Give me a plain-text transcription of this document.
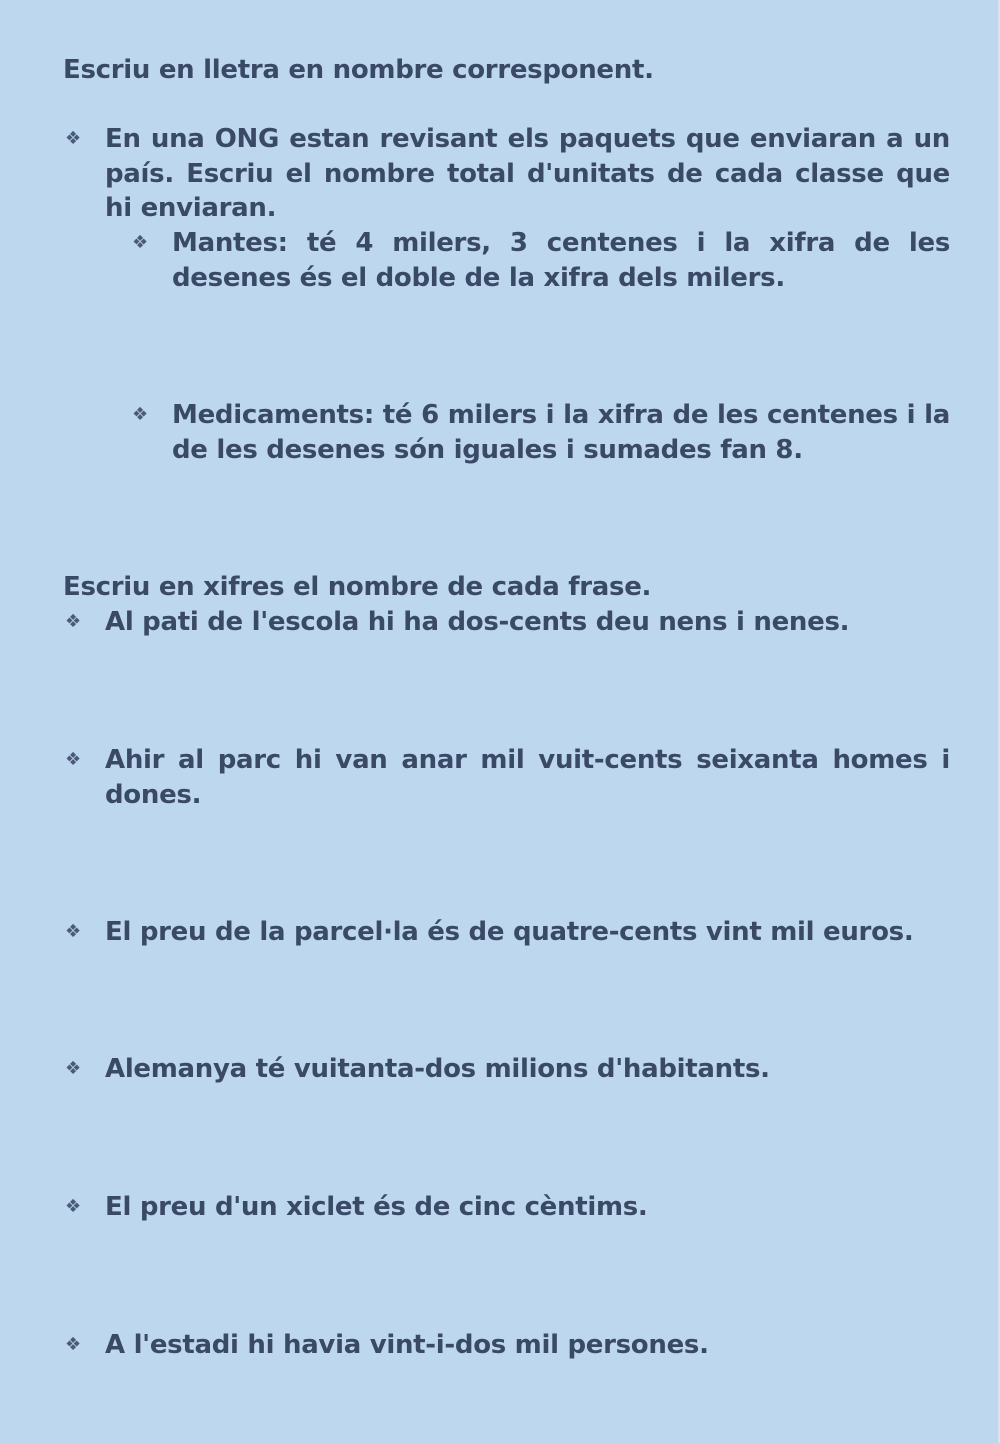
Escriu en lletra en nombre corresponent.
❖ En una ONG estan revisant els paquets que enviaran a un país. Escriu el nombre total d'unitats de cada classe que hi enviaran.
❖ Mantes: té 4 milers, 3 centenes i la xifra de les desenes és el doble de la xifra dels milers.
❖ Medicaments: té 6 milers i la xifra de les centenes i la de les desenes són iguales i sumades fan 8.
Escriu en xifres el nombre de cada frase.
❖ Al pati de l'escola hi ha dos-cents deu nens i nenes.
❖ Ahir al parc hi van anar mil vuit-cents seixanta homes i dones.
❖ El preu de la parcel·la és de quatre-cents vint mil euros.
❖ Alemanya té vuitanta-dos milions d'habitants.
❖ El preu d'un xiclet és de cinc cèntims.
❖ A l'estadi hi havia vint-i-dos mil persones.
